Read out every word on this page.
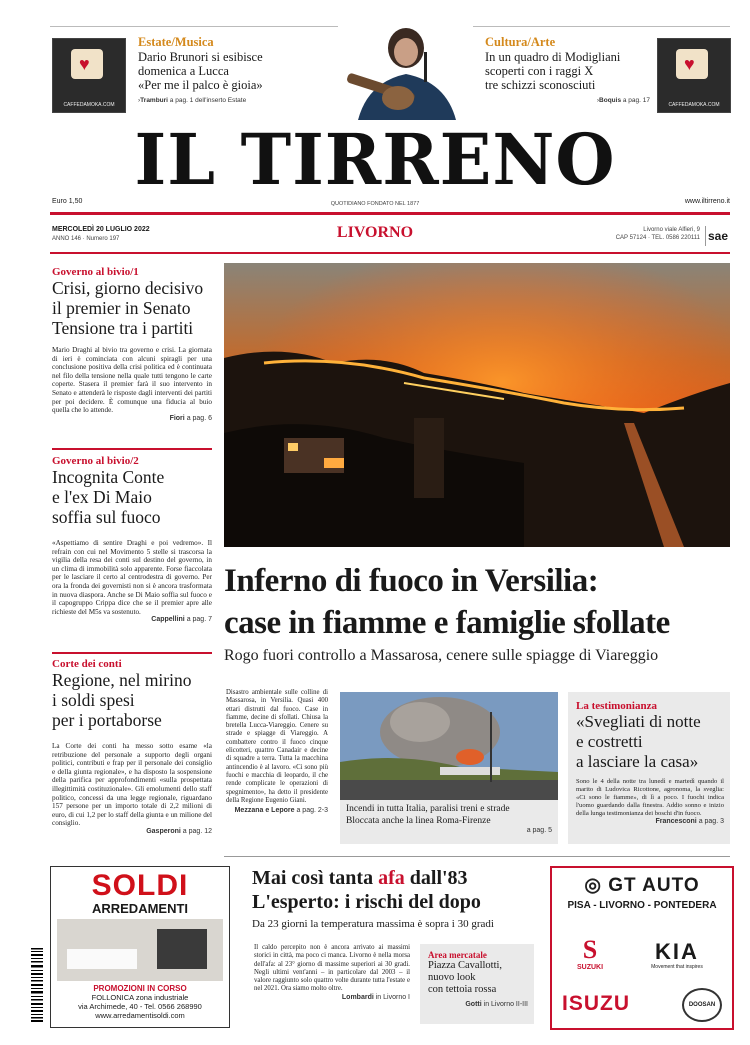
♥
CAFFEDAMOKA.COM
Estate/Musica
Dario Brunori si esibisce
domenica a Lucca
«Per me il palco è gioia»
›Tramburi a pag. 1 dell'inserto Estate
Cultura/Arte
In un quadro di Modigliani
scoperti con i raggi X
tre schizzi sconosciuti
›Boquis a pag. 17
♥
CAFFEDAMOKA.COM
IL TIRRENO
Euro 1,50	QUOTIDIANO FONDATO NEL 1877	www.iltirreno.it
MERCOLEDÌ 20 LUGLIO 2022
ANNO 146 · Numero 197	LIVORNO	Livorno viale Alfieri, 9
CAP 57124 · TEL. 0586 220111 sae
Governo al bivio/1
Crisi, giorno decisivo
il premier in Senato
Tensione tra i partiti
Mario Draghi al bivio tra governo e crisi. La giornata di ieri è cominciata con alcuni spiragli per una conclusione positiva della crisi politica ed è continuata nel filo della tensione nella quale tutti tengono le carte coperte. Stasera il premier farà il suo intervento in Senato e attenderà le risposte dagli interventi dei partiti per poi decidere. È comunque una fiducia al buio quella che lo attende.
Fiori a pag. 6
Governo al bivio/2
Incognita Conte
e l'ex Di Maio
soffia sul fuoco
«Aspettiamo di sentire Draghi e poi vedremo». Il refrain con cui nel Movimento 5 stelle si trascorsa la vigilia della resa dei conti sul destino del governo, in un clima di immobilità solo apparente. Forse fiaccolata per le lasciare il certo al centrodestra di governo. Per ora la fronda dei governisti non si è ancora trasformata in nuova diaspora. Anche se Di Maio soffia sul fuoco e il capogruppo Crippa dice che se il premier apre alle richieste del M5s va sostenuto.
Cappellini a pag. 7
Corte dei conti
Regione, nel mirino
i soldi spesi
per i portaborse
La Corte dei conti ha messo sotto esame «la retribuzione del personale a supporto degli organi politici, contributi e frap per il personale dei consiglio e della giunta regionale», e ha disposto la sospensione della parifica per approfondimenti «sulla prospettata illegittimità costituzionale». Gli emolumenti dello staff politico, concessi da una legge regionale, riguardano 157 persone per un importo totale di 2,2 milioni di euro, di cui 1,2 per lo staff della giunta e un milione del consiglio.
Gasperoni a pag. 12
Inferno di fuoco in Versilia:
case in fiamme e famiglie sfollate
Rogo fuori controllo a Massarosa, cenere sulle spiagge di Viareggio
Disastro ambientale sulle colline di Massarosa, in Versilia. Quasi 400 ettari distrutti dal fuoco. Case in fiamme, decine di sfollati. Chiusa la bretella Lucca-Viareggio. Cenere su strade e spiagge di Viareggio. A combattere contro il fuoco cinque elicotteri, quattro Canadair e decine di squadre a terra. Tutta la macchina antincendio è al lavoro. «Ci sono più fuochi e macchia di leopardo, il che rende complicate le operazioni di spegnimento», ha detto il presidente della Regione Eugenio Giani.
Mezzana e Lepore a pag. 2-3 Incendi in tutta Italia, paralisi treni e strade
Bloccata anche la linea Roma-Firenze
a pag. 5
La testimonianza
«Svegliati di notte
e costretti
a lasciare la casa»
Sono le 4 della notte tra lunedì e martedì quando il marito di Ludovica Ricottone, agronoma, la sveglia: «Ci sono le fiamme», di lì a poco. I fuochi indica l'uomo guardando dalla finestra. Addio sonno e inizio della lunga testimonianza dei boschi d'in fuoco.
Francesconi a pag. 3
SOLDI
ARREDAMENTI
PROMOZIONI IN CORSO
FOLLONICA zona industriale
via Archimede, 40 - Tel. 0566 268990
www.arredamentisoldi.com
Mai così tanta afa dall'83
L'esperto: i rischi del dopo
Da 23 giorni la temperatura massima è sopra i 30 gradi
Il caldo percepito non è ancora arrivato ai massimi storici in città, ma poco ci manca. Livorno è nella morsa dell'afa: al 23° giorno di massime superiori ai 30 gradi. Negli ultimi vent'anni – in particolare dal 2003 – il valore raggiunto solo quattro volte durante tutta l'estate e nel 2021. Ora siamo molto oltre.
Lombardi in Livorno I
Area mercatale
Piazza Cavallotti,
nuovo look
con tettoia rossa
Gotti in Livorno II-III
◎ GT AUTO
PISA - LIVORNO - PONTEDERA
S
SUZUKI
KIA
Movement that inspires
ISUZU	DOOSAN
